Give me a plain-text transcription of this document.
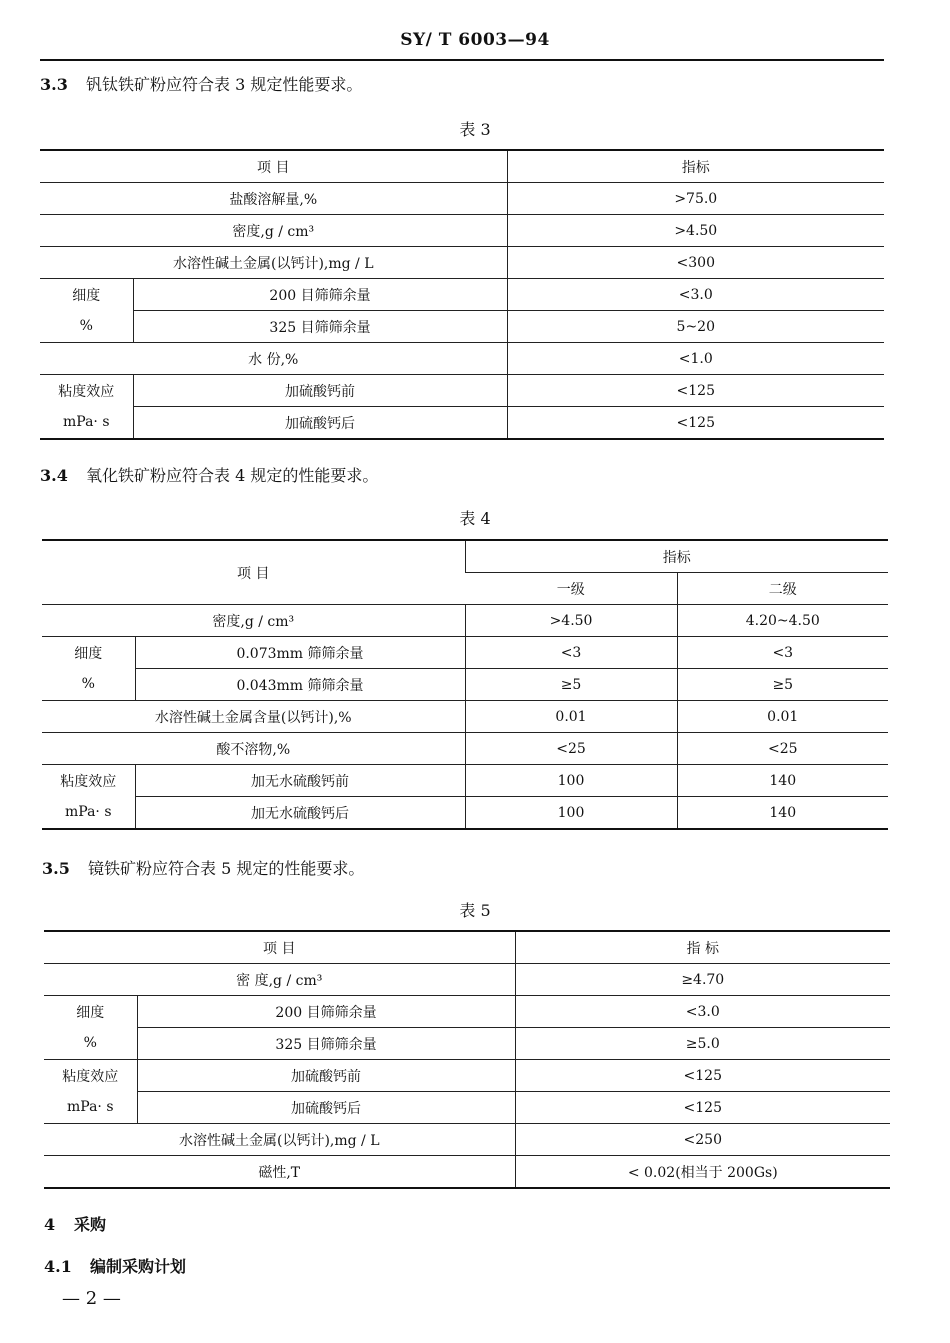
SY/ T 6003—94
3.3 钒钛铁矿粉应符合表 3 规定性能要求。
表 3
项 目		指标
盐酸溶解量,%		>75.0
密度,g / cm³		>4.50
水溶性碱土金属(以钙计),mg / L		<300
细度	200 目筛筛余量	<3.0
%	325 目筛筛余量	5~20
水 份,%		<1.0
粘度效应	加硫酸钙前	<125
mPa· s	加硫酸钙后	<125
3.4 氧化铁矿粉应符合表 4 规定的性能要求。
表 4
项 目		指标	
		一级	二级
密度,g / cm³		>4.50	4.20~4.50
细度	0.073mm 筛筛余量	<3	<3
%	0.043mm 筛筛余量	≥5	≥5
水溶性碱土金属含量(以钙计),%		0.01	0.01
酸不溶物,%		<25	<25
粘度效应	加无水硫酸钙前	100	140
mPa· s	加无水硫酸钙后	100	140
3.5 镜铁矿粉应符合表 5 规定的性能要求。
表 5
项 目		指 标
密 度,g / cm³		≥4.70
细度	200 目筛筛余量	<3.0
%	325 目筛筛余量	≥5.0
粘度效应	加硫酸钙前	<125
mPa· s	加硫酸钙后	<125
水溶性碱土金属(以钙计),mg / L		<250
磁性,T		< 0.02(相当于 200Gs)
4 采购
4.1 编制采购计划
— 2 —
